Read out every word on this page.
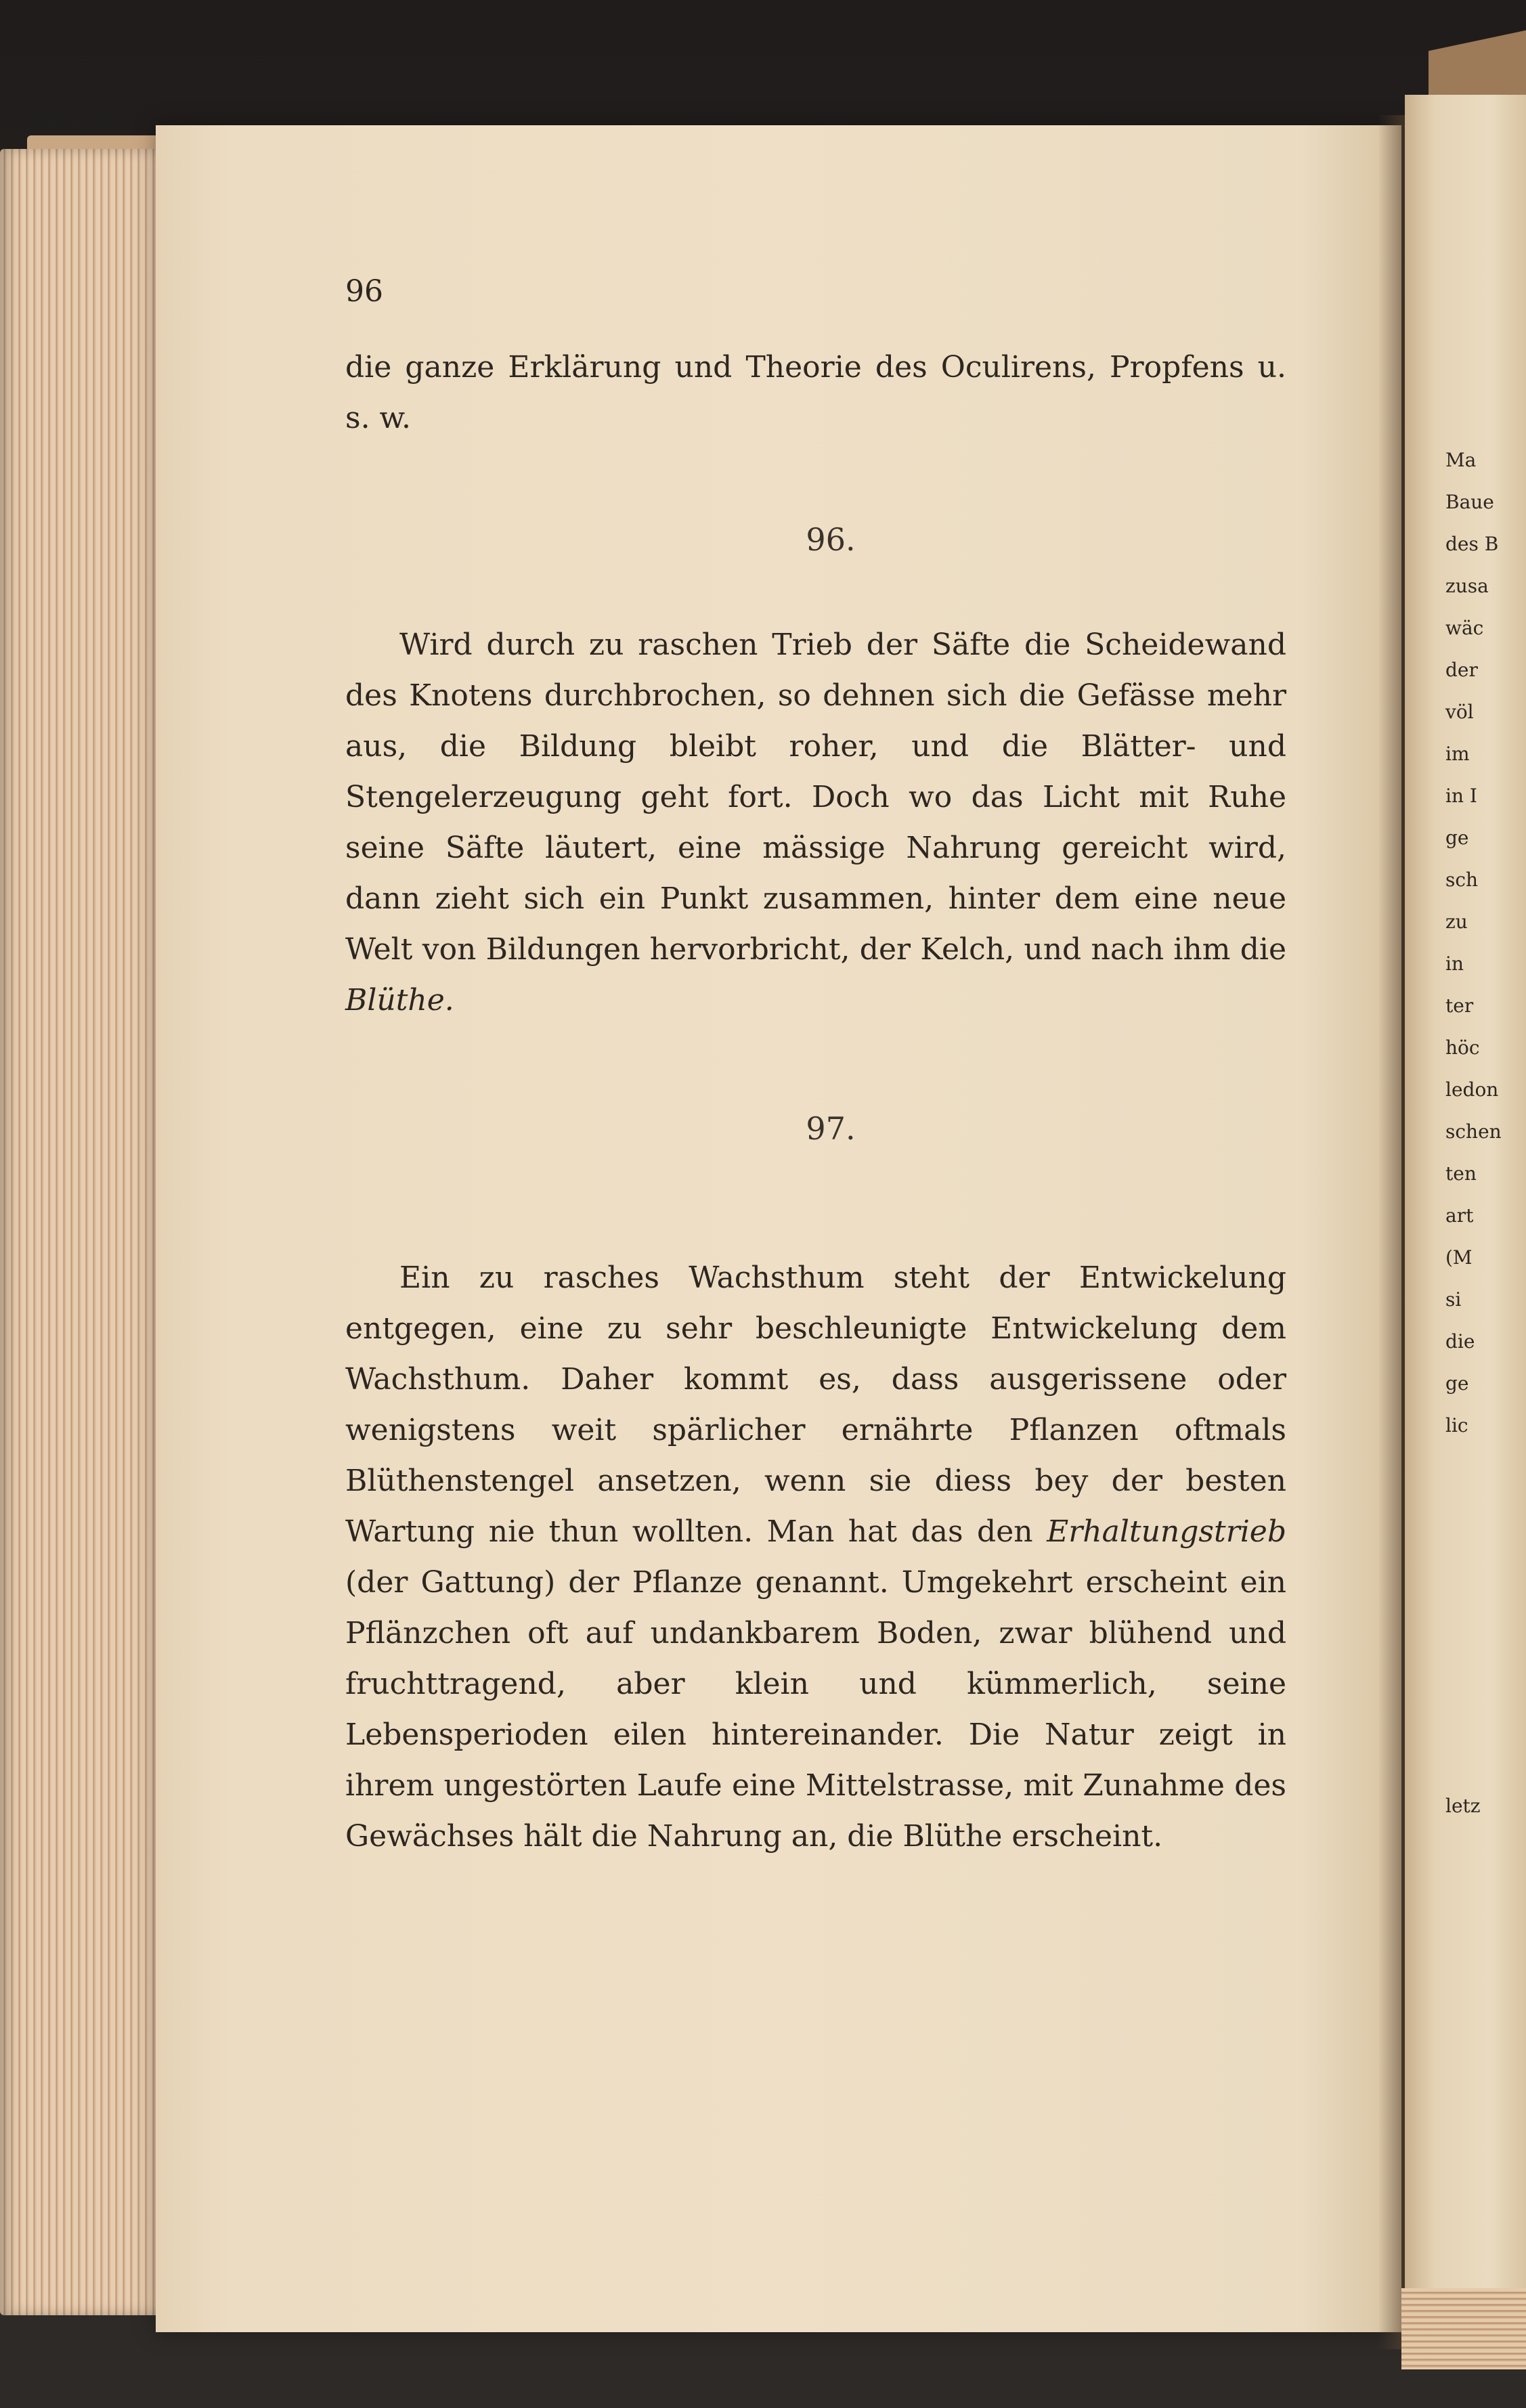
96

die ganze Erklärung und Theorie des Oculirens, Propfens u. s. w.

96.

Wird durch zu raschen Trieb der Säfte die Scheidewand des Knotens durchbrochen, so dehnen sich die Gefässe mehr aus, die Bildung bleibt roher, und die Blätter- und Stengelerzeugung geht fort. Doch wo das Licht mit Ruhe seine Säfte läutert, eine mässige Nahrung gereicht wird, dann zieht sich ein Punkt zusammen, hinter dem eine neue Welt von Bildungen hervorbricht, der Kelch, und nach ihm die Blüthe.

97.

Ein zu rasches Wachsthum steht der Entwickelung entgegen, eine zu sehr beschleunigte Entwickelung dem Wachsthum. Daher kommt es, dass ausgerissene oder wenigstens weit spärlicher ernährte Pflanzen oftmals Blüthenstengel ansetzen, wenn sie diess bey der besten Wartung nie thun wollten. Man hat das den Erhaltungstrieb (der Gattung) der Pflanze genannt. Umgekehrt erscheint ein Pflänzchen oft auf undankbarem Boden, zwar blühend und fruchttragend, aber klein und kümmerlich, seine Lebensperioden eilen hintereinander. Die Natur zeigt in ihrem ungestörten Laufe eine Mittelstrasse, mit Zunahme des Gewächses hält die Nahrung an, die Blüthe erscheint.

Ma
Baue
des B
zusa
wäc
der
völ
im
in I
ge
sch
zu
in
ter
höc
ledon
schen
ten
art
(M
si
die
ge
lic
letz
